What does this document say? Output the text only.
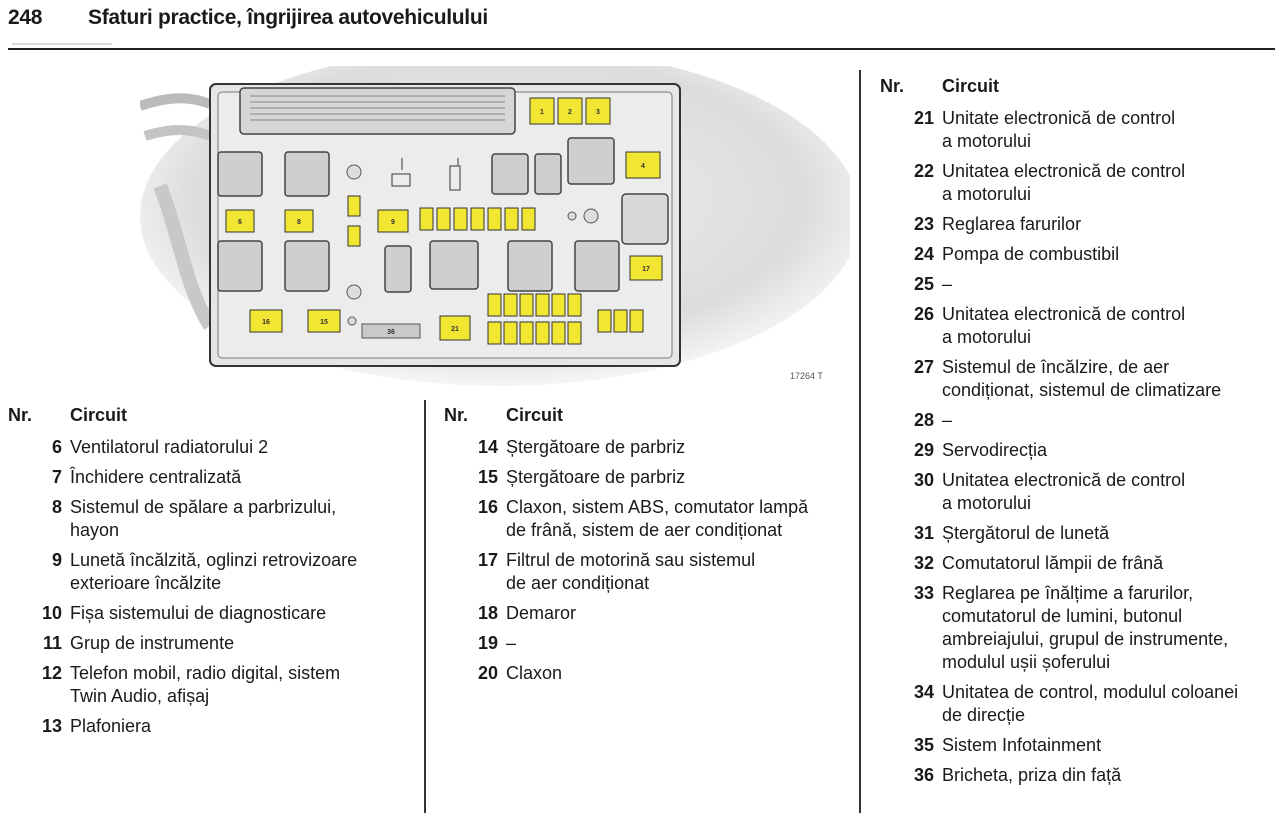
248 Sfaturi practice, îngrijirea autovehiculului
1	2	3
4
6	8	9
17
16	15
21
36
17264 T
Nr. Circuit
6 Ventilatorul radiatorului 2
7 Închidere centralizată
8 Sistemul de spălare a parbrizului,
hayon
9 Lunetă încălzită, oglinzi retrovizoare
exterioare încălzite
10 Fișa sistemului de diagnosticare
11 Grup de instrumente
12 Telefon mobil, radio digital, sistem
Twin Audio, afișaj
13 Plafoniera
Nr. Circuit
14 Ștergătoare de parbriz
15 Ștergătoare de parbriz
16 Claxon, sistem ABS, comutator lampă
de frână, sistem de aer condiționat
17 Filtrul de motorină sau sistemul
de aer condiționat
18 Demaror
19 –
20 Claxon
Nr. Circuit
21 Unitate electronică de control
a motorului
22 Unitatea electronică de control
a motorului
23 Reglarea farurilor
24 Pompa de combustibil
25 –
26 Unitatea electronică de control
a motorului
27 Sistemul de încălzire, de aer
condiționat, sistemul de climatizare
28 –
29 Servodirecția
30 Unitatea electronică de control
a motorului
31 Ștergătorul de lunetă
32 Comutatorul lămpii de frână
33 Reglarea pe înălțime a farurilor,
comutatorul de lumini, butonul
ambreiajului, grupul de instrumente,
modulul ușii șoferului
34 Unitatea de control, modulul coloanei
de direcție
35 Sistem Infotainment
36 Bricheta, priza din față
